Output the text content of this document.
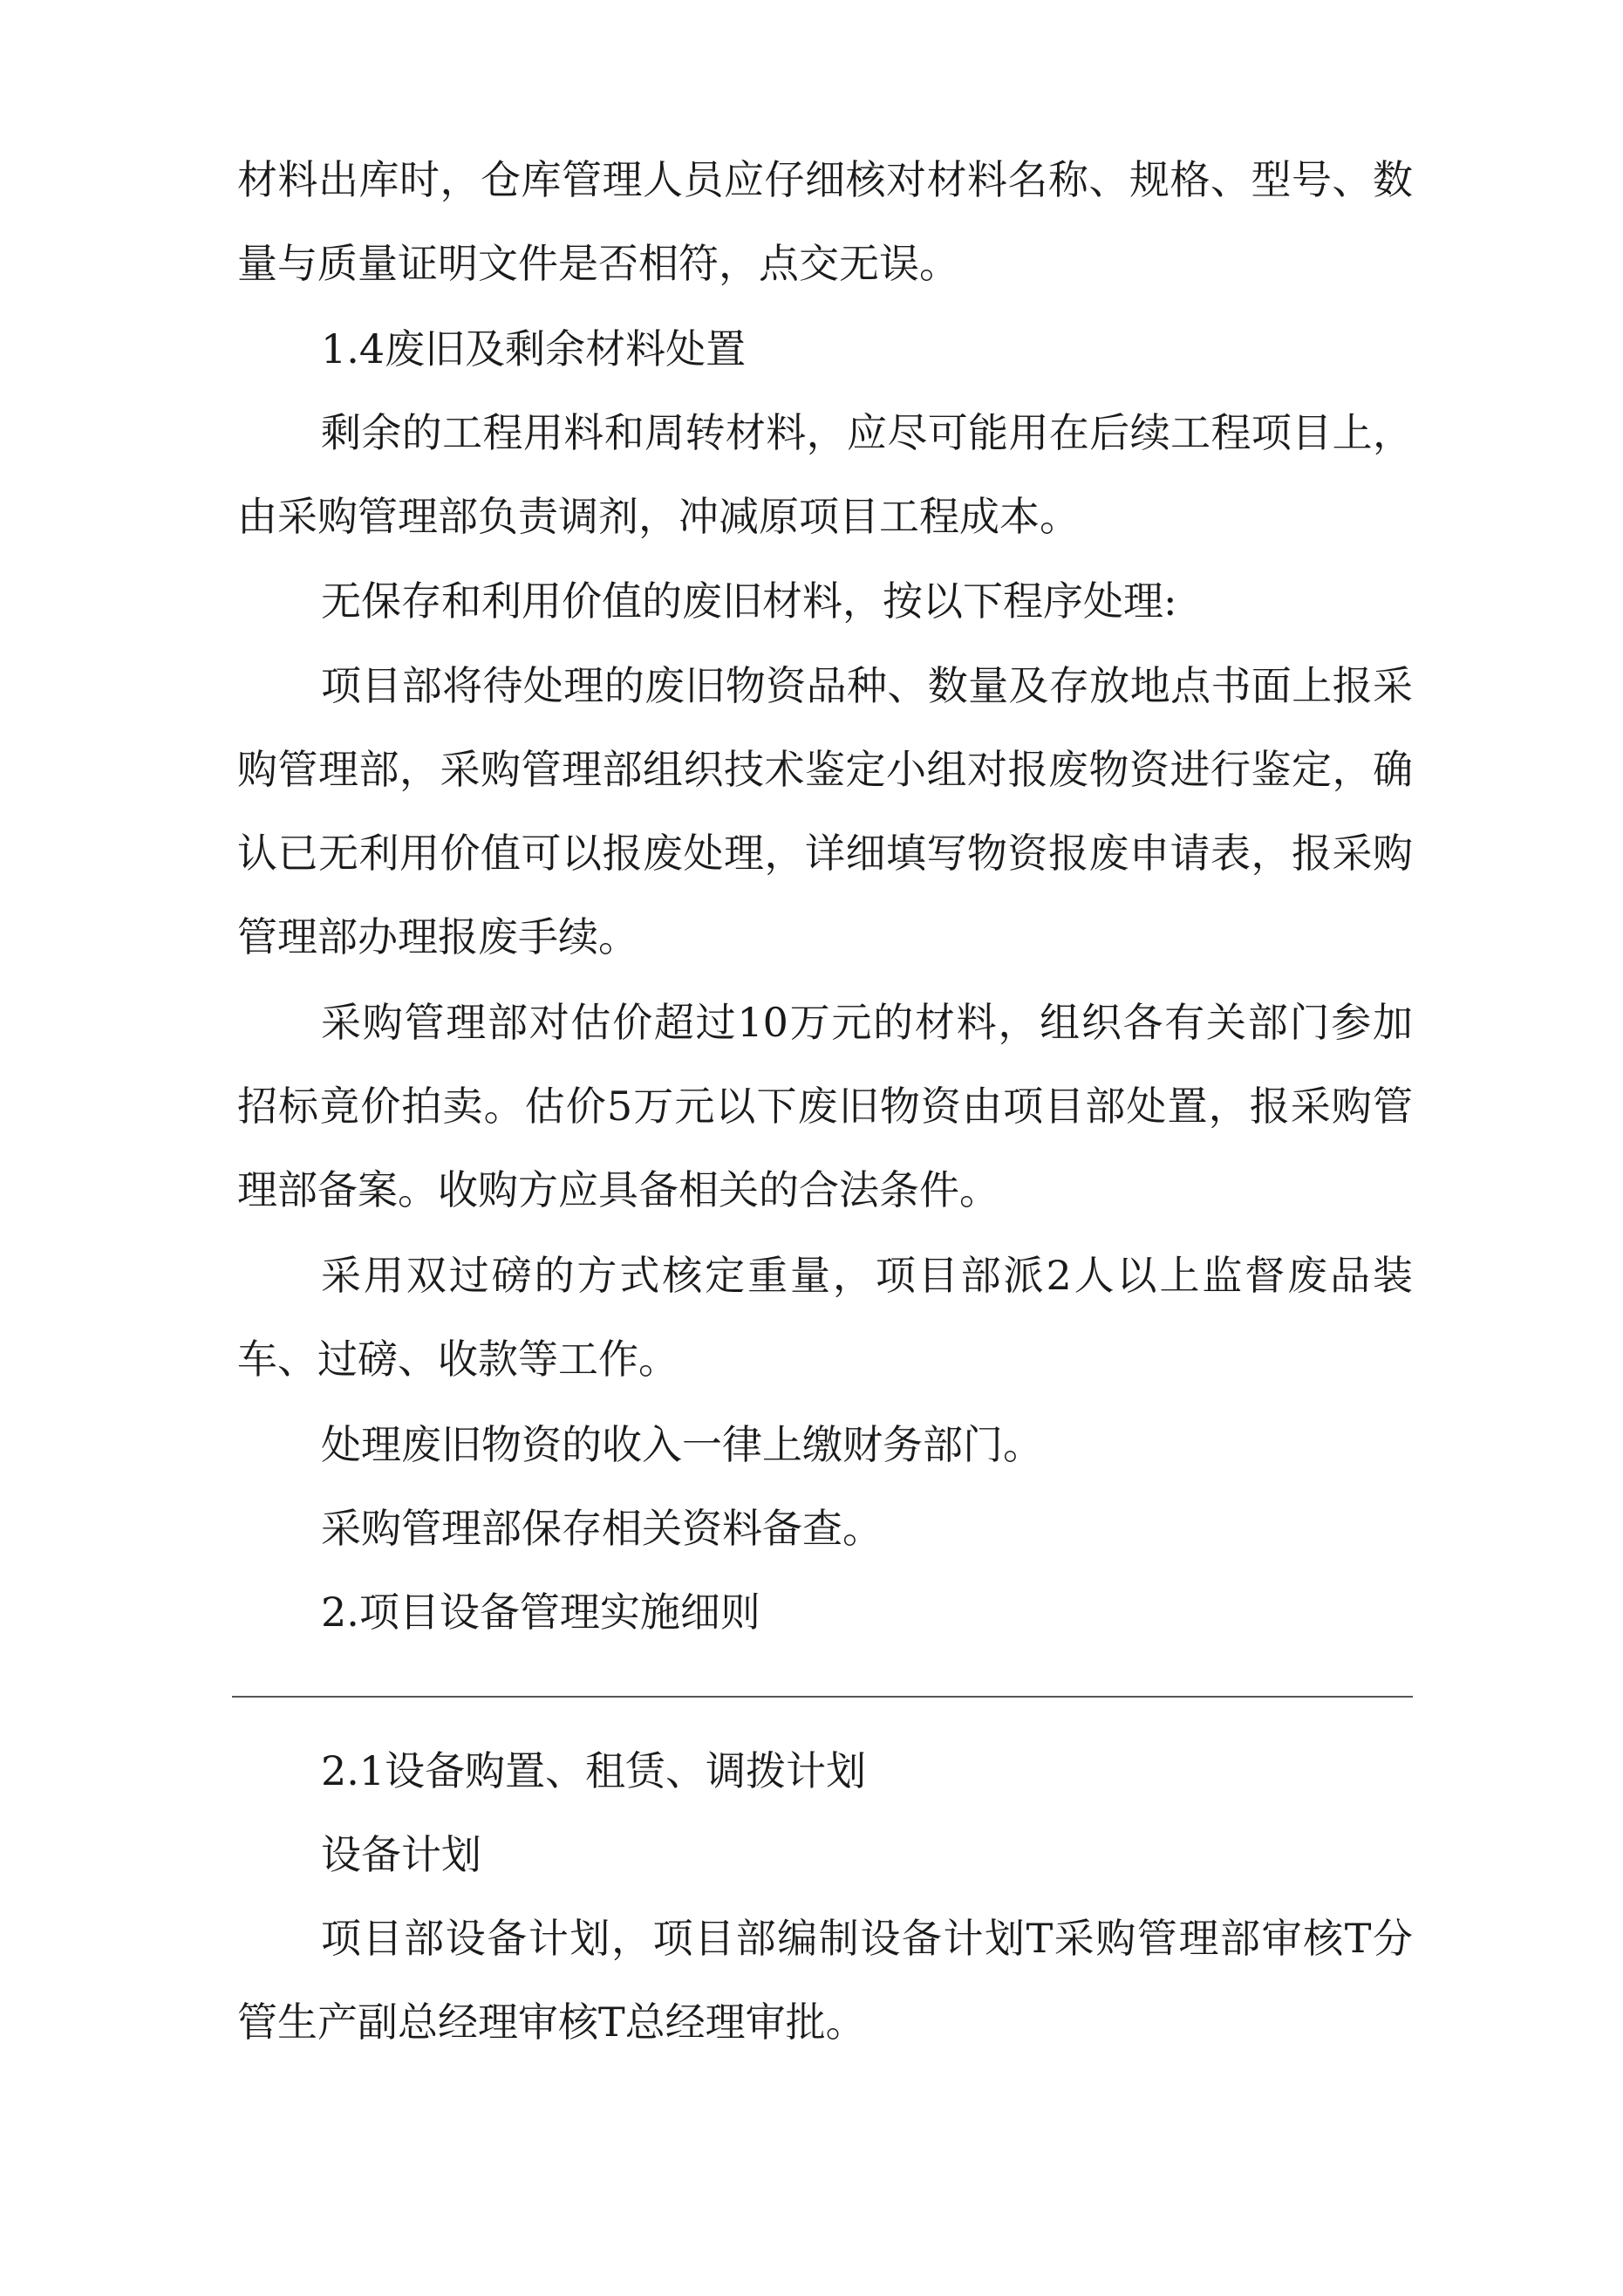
材料出库时，仓库管理人员应仔细核对材料名称、规格、型号、数量与质量证明文件是否相符，点交无误。

1.4废旧及剩余材料处置

剩余的工程用料和周转材料，应尽可能用在后续工程项目上，由采购管理部负责调剂，冲减原项目工程成本。

无保存和利用价值的废旧材料，按以下程序处理:

项目部将待处理的废旧物资品种、数量及存放地点书面上报采购管理部，采购管理部组织技术鉴定小组对报废物资进行鉴定，确认已无利用价值可以报废处理，详细填写物资报废申请表，报采购管理部办理报废手续。

采购管理部对估价超过10万元的材料，组织各有关部门参加招标竟价拍卖。估价5万元以下废旧物资由项目部处置，报采购管理部备案。收购方应具备相关的合法条件。

采用双过磅的方式核定重量，项目部派2人以上监督废品装车、过磅、收款等工作。

处理废旧物资的收入一律上缴财务部门。

采购管理部保存相关资料备查。

2.项目设备管理实施细则

2.1设备购置、租赁、调拨计划

设备计划

项目部设备计划，项目部编制设备计划T采购管理部审核T分管生产副总经理审核T总经理审批。
